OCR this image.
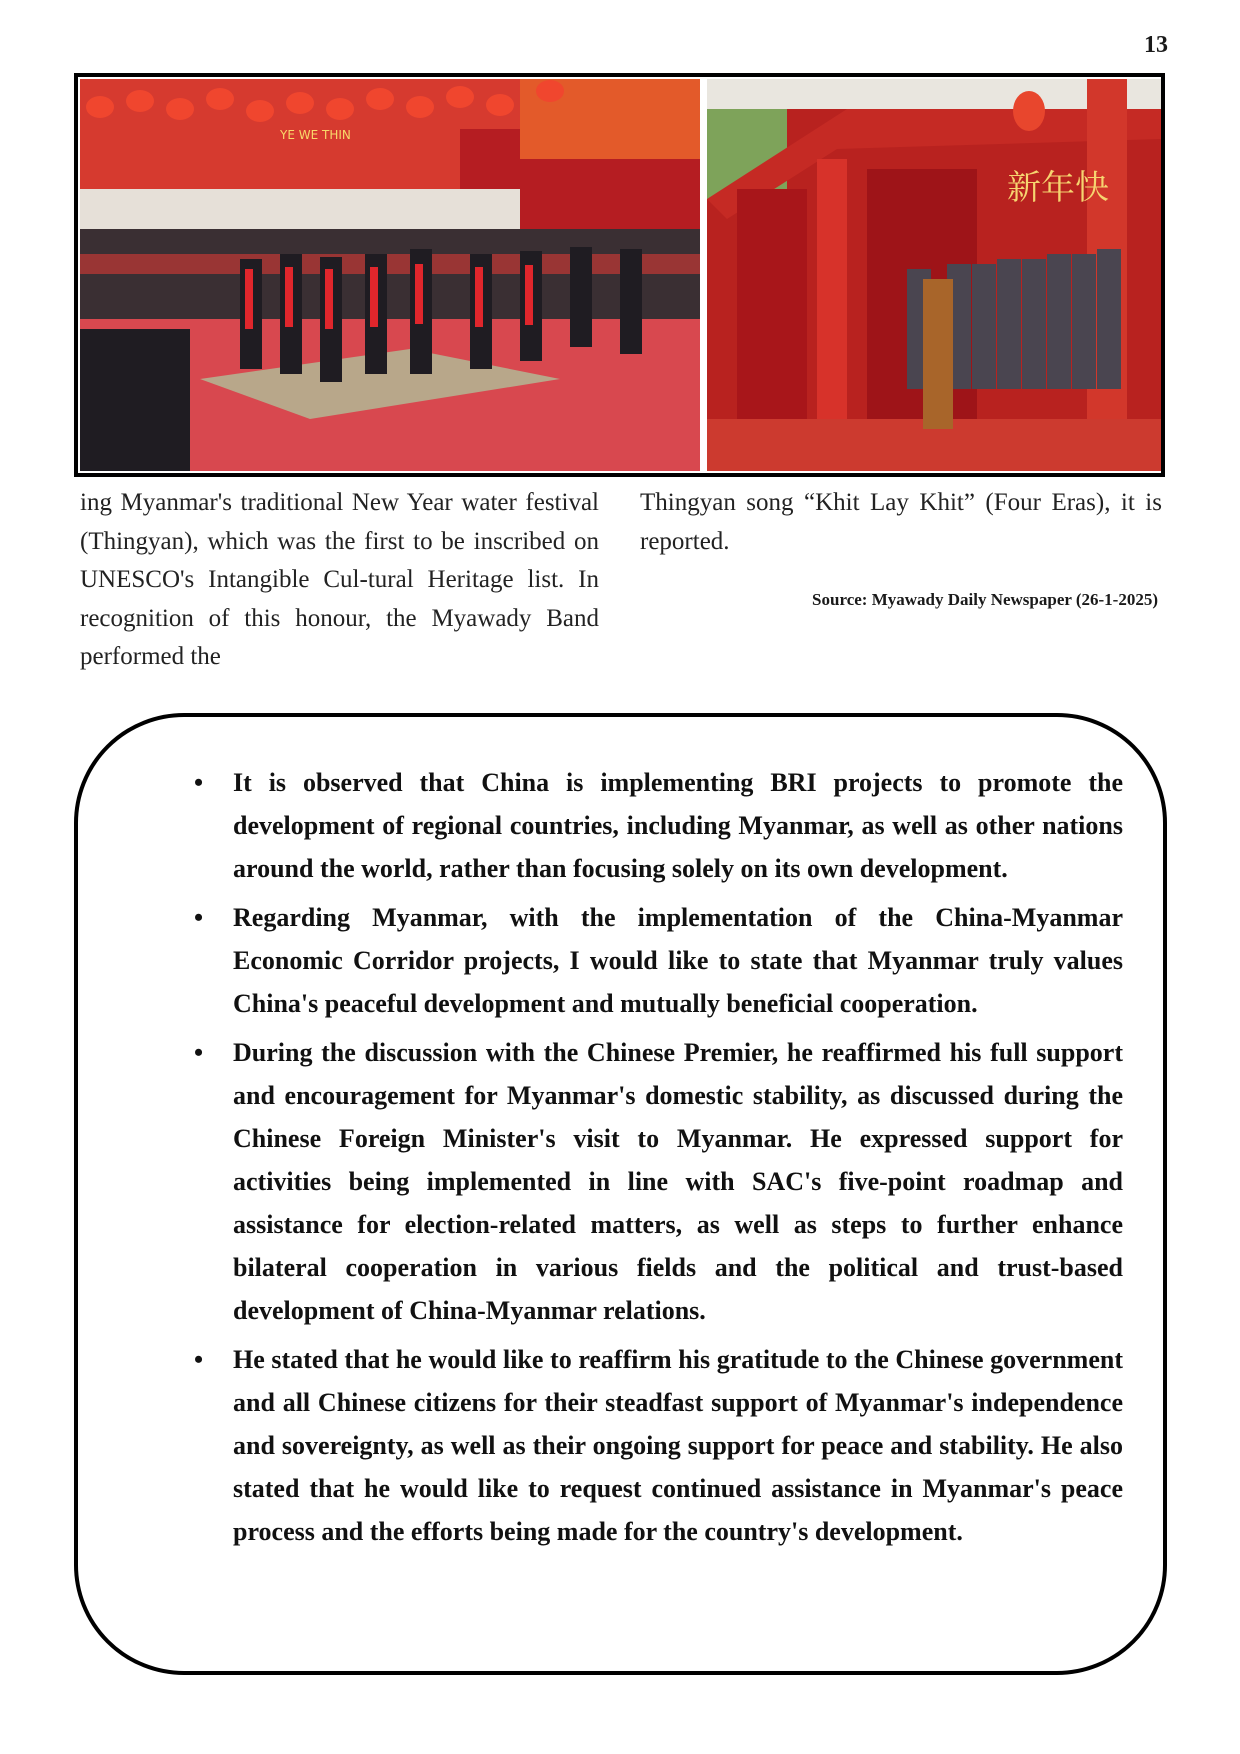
13
YE WE THIN
新年快
ing Myanmar's traditional New Year water festival (Thingyan), which was the first to be inscribed on UNESCO's Intangible Cul-tural Heritage list. In recognition of this honour, the Myawady Band performed the
Thingyan song “Khit Lay Khit” (Four Eras), it is reported.
Source: Myawady Daily Newspaper (26-1-2025)
• It is observed that China is implementing BRI projects to promote the development of regional countries, including Myanmar, as well as other nations around the world, rather than focusing solely on its own development.
• Regarding Myanmar, with the implementation of the China-Myanmar Economic Corridor projects, I would like to state that Myanmar truly values China's peaceful development and mutually beneficial cooperation.
• During the discussion with the Chinese Premier, he reaffirmed his full support and encouragement for Myanmar's domestic stability, as discussed during the Chinese Foreign Minister's visit to Myanmar. He expressed support for activities being implemented in line with SAC's five-point roadmap and assistance for election-related matters, as well as steps to further enhance bilateral cooperation in various fields and the political and trust-based development of China-Myanmar relations.
• He stated that he would like to reaffirm his gratitude to the Chinese government and all Chinese citizens for their steadfast support of Myanmar's independence and sovereignty, as well as their ongoing support for peace and stability. He also stated that he would like to request continued assistance in Myanmar's peace process and the efforts being made for the country's development.
